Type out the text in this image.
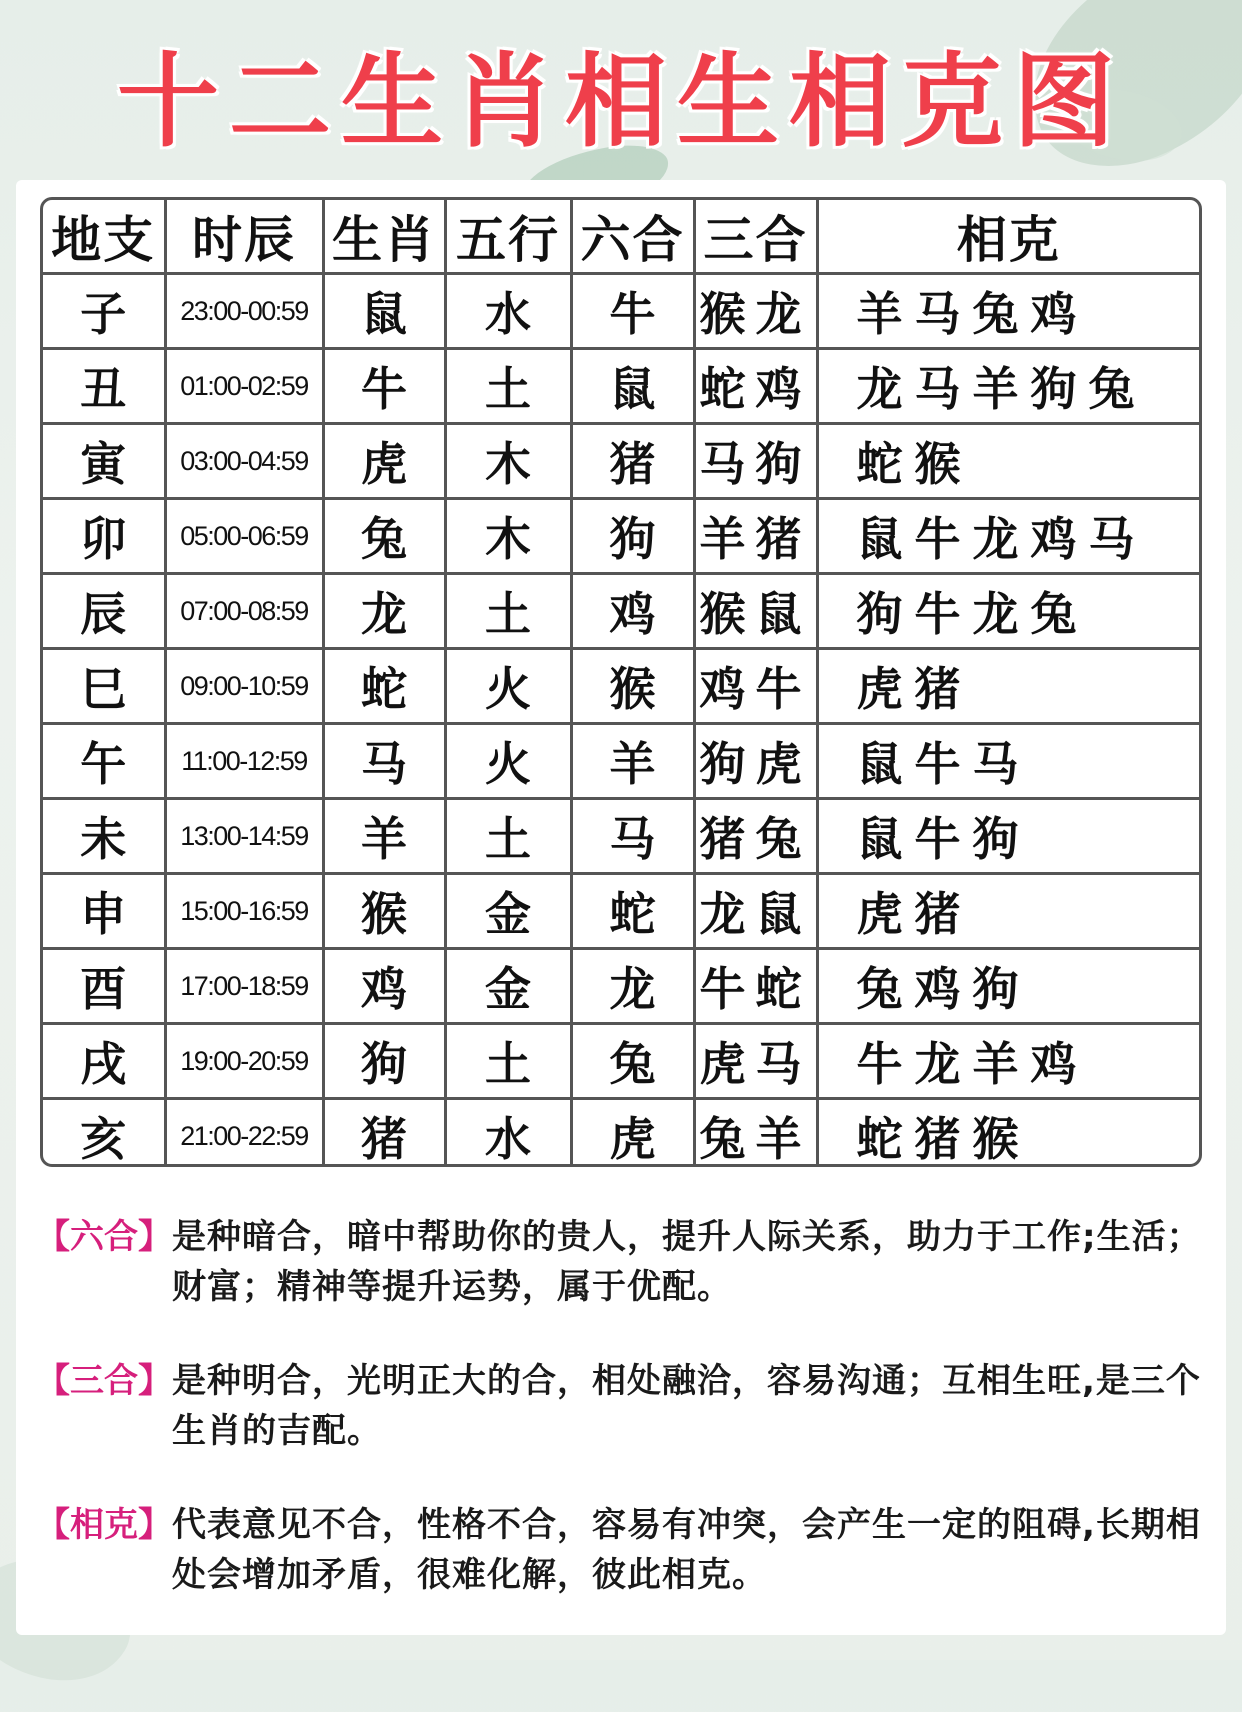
十二生肖相生相克图
地支	时辰	生肖	五行	六合	三合	相克
子	23:00-00:59	鼠	水	牛	猴龙	羊马兔鸡
丑	01:00-02:59	牛	土	鼠	蛇鸡	龙马羊狗兔
寅	03:00-04:59	虎	木	猪	马狗	蛇猴
卯	05:00-06:59	兔	木	狗	羊猪	鼠牛龙鸡马
辰	07:00-08:59	龙	土	鸡	猴鼠	狗牛龙兔
巳	09:00-10:59	蛇	火	猴	鸡牛	虎猪
午	11:00-12:59	马	火	羊	狗虎	鼠牛马
未	13:00-14:59	羊	土	马	猪兔	鼠牛狗
申	15:00-16:59	猴	金	蛇	龙鼠	虎猪
酉	17:00-18:59	鸡	金	龙	牛蛇	兔鸡狗
戌	19:00-20:59	狗	土	兔	虎马	牛龙羊鸡
亥	21:00-22:59	猪	水	虎	兔羊	蛇猪猴
【六合】 是种暗合，暗中帮助你的贵人，提升人际关系，助力于工作;生活；财富；精神等提升运势，属于优配。
【三合】 是种明合，光明正大的合，相处融洽，容易沟通；互相生旺,是三个生肖的吉配。
【相克】 代表意见不合，性格不合，容易有冲突，会产生一定的阻碍,长期相处会增加矛盾，很难化解，彼此相克。
